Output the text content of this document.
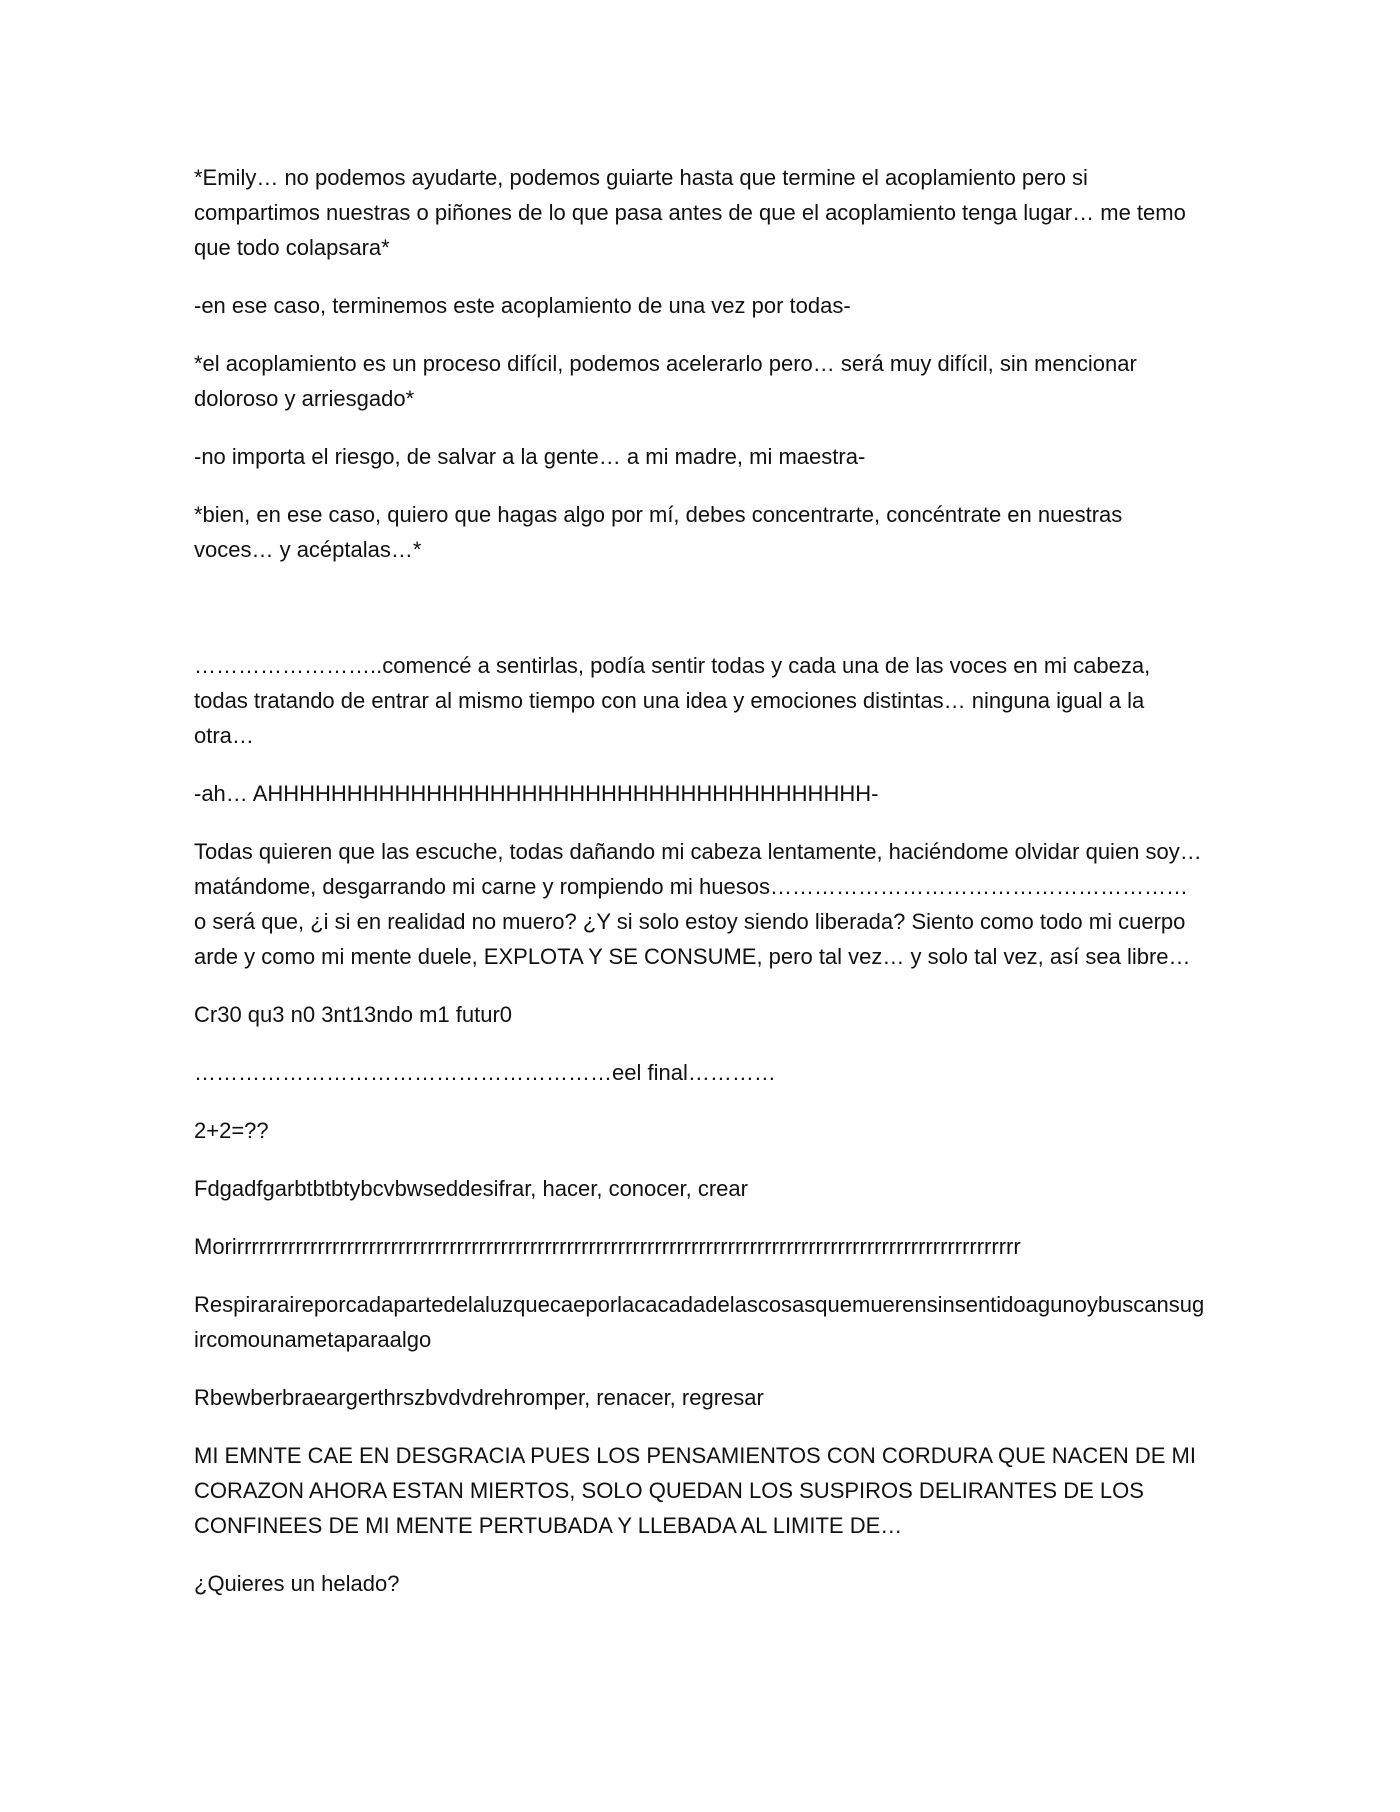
*Emily… no podemos ayudarte, podemos guiarte hasta que termine el acoplamiento pero si compartimos nuestras o piñones de lo que pasa antes de que el acoplamiento tenga lugar… me temo que todo colapsara*

-en ese caso, terminemos este acoplamiento de una vez por todas-

*el acoplamiento es un proceso difícil, podemos acelerarlo pero… será muy difícil, sin mencionar doloroso y arriesgado*

-no importa el riesgo, de salvar a la gente… a mi madre, mi maestra-

*bien, en ese caso, quiero que hagas algo por mí, debes concentrarte, concéntrate en nuestras voces… y acéptalas…*

……………………..comencé a sentirlas, podía sentir todas y cada una de las voces en mi cabeza, todas tratando de entrar al mismo tiempo con una idea y emociones distintas… ninguna igual a la otra…

-ah… AHHHHHHHHHHHHHHHHHHHHHHHHHHHHHHHHHHHHHH-

Todas quieren que las escuche, todas dañando mi cabeza lentamente, haciéndome olvidar quien soy… matándome, desgarrando mi carne y rompiendo mi huesos………………………………………………… o será que, ¿i si en realidad no muero? ¿Y si solo estoy siendo liberada? Siento como todo mi cuerpo arde y como mi mente duele, EXPLOTA Y SE CONSUME, pero tal vez… y solo tal vez, así sea libre…

Cr30 qu3 n0 3nt13ndo m1 futur0

…………………………………………………eel final…………

2+2=??

Fdgadfgarbtbtbtybcvbwseddesifrar, hacer, conocer, crear

Morirrrrrrrrrrrrrrrrrrrrrrrrrrrrrrrrrrrrrrrrrrrrrrrrrrrrrrrrrrrrrrrrrrrrrrrrrrrrrrrrrrrrrrrrrrrrrrrrrrrrrrrrrrr

Respiraraireporcadapartedelaluzquecaeporlacacadadelascosasquemuerensinsentidoagunoybuscansugircomounametaparaalgo

Rbewberbraeargerthrszbvdvdrehromper, renacer, regresar

MI EMNTE CAE EN DESGRACIA PUES LOS PENSAMIENTOS CON CORDURA QUE NACEN DE MI CORAZON AHORA ESTAN MIERTOS, SOLO QUEDAN LOS SUSPIROS DELIRANTES DE LOS CONFINEES DE MI MENTE PERTUBADA Y LLEBADA AL LIMITE DE…

¿Quieres un helado?
